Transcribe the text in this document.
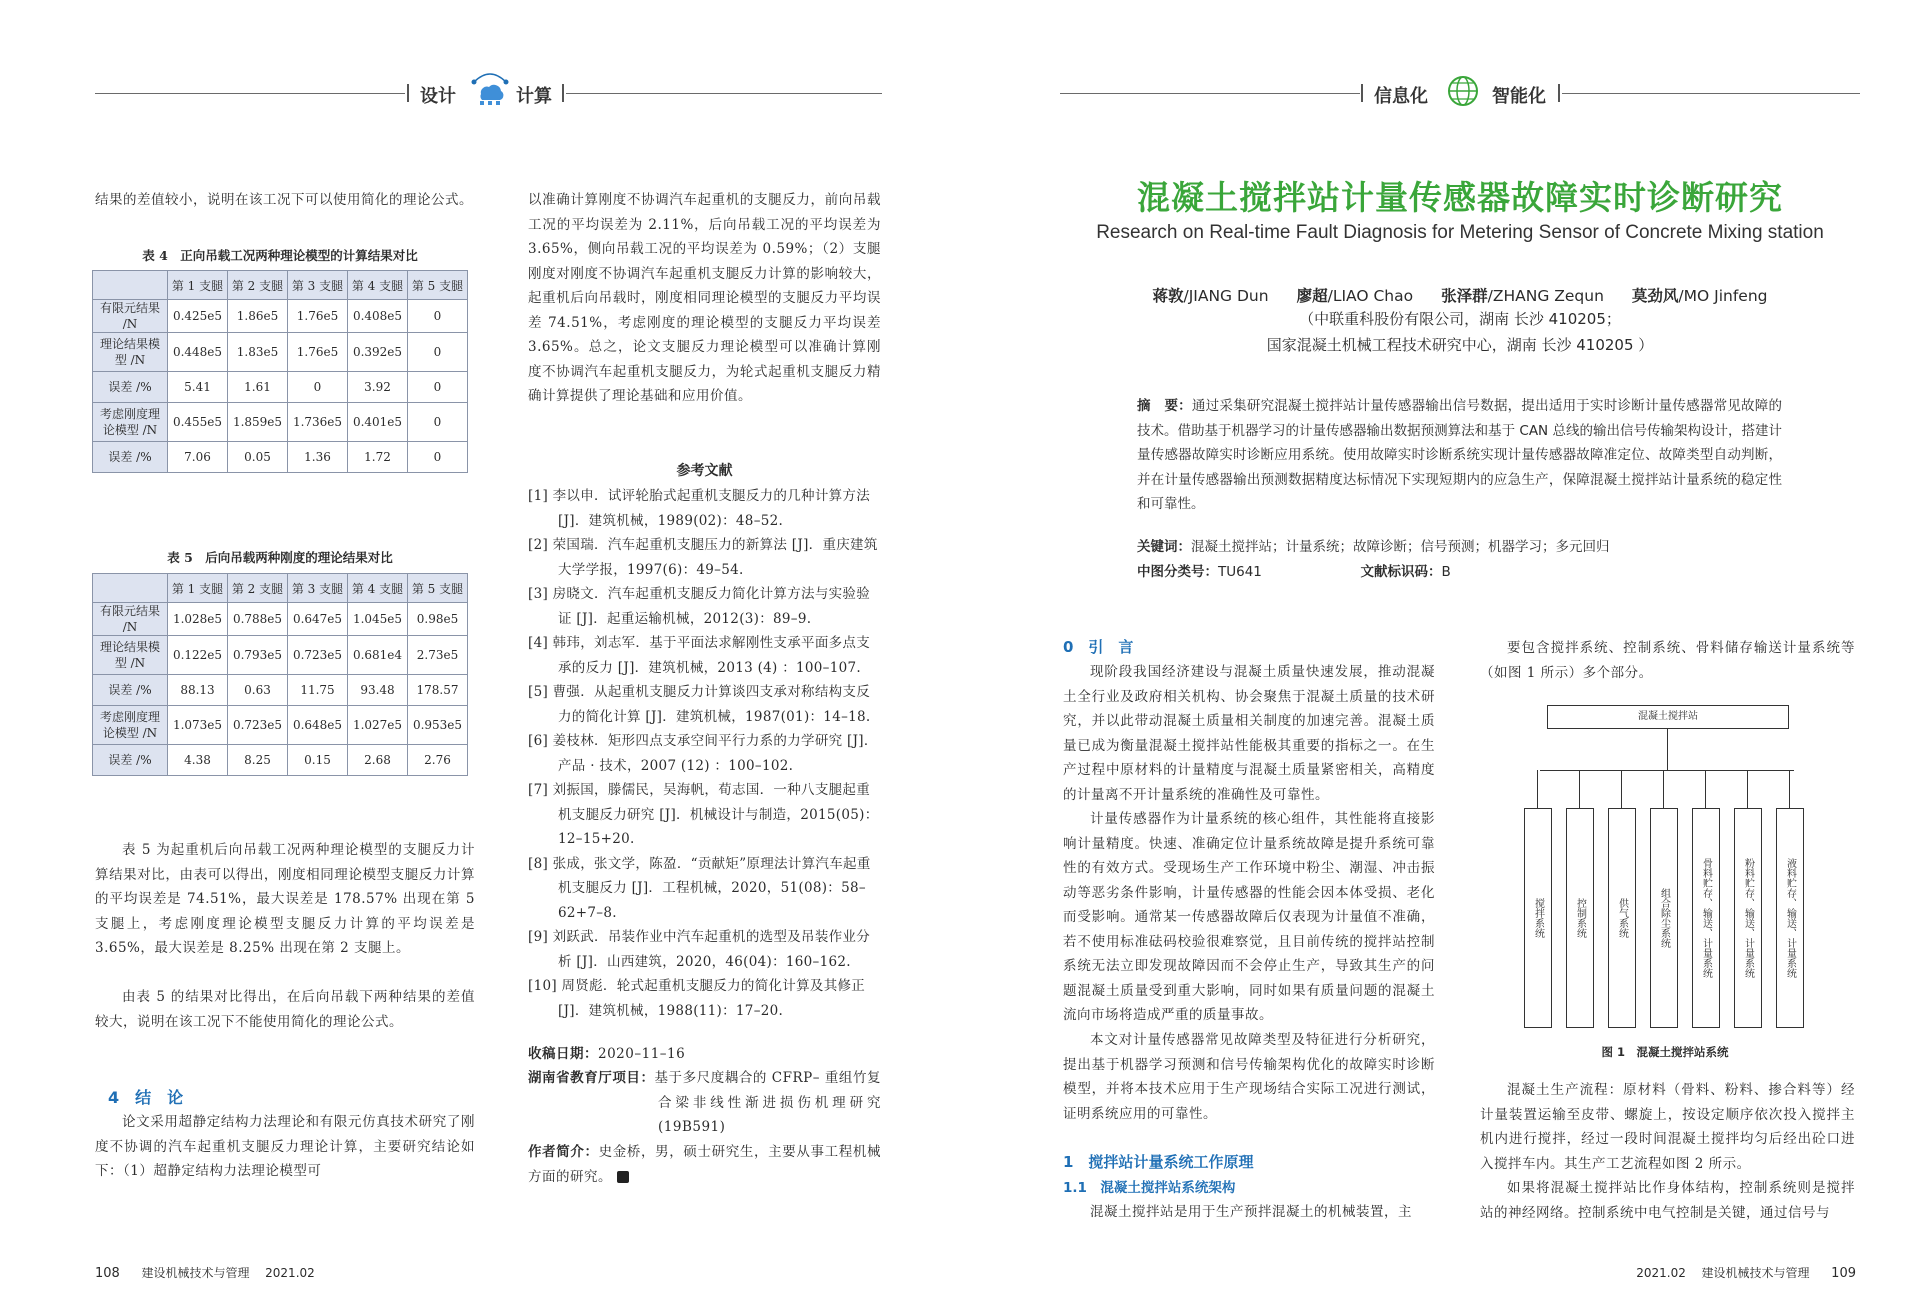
设计	计算	信息化	智能化
结果的差值较小，说明在该工况下可以使用简化的理论公式。
表 4　正向吊载工况两种理论模型的计算结果对比
	第 1 支腿	第 2 支腿	第 3 支腿	第 4 支腿	第 5 支腿
有限元结果 /N	0.425e5	1.86e5	1.76e5	0.408e5	0
理论结果模型 /N	0.448e5	1.83e5	1.76e5	0.392e5	0
误差 /%	5.41	1.61	0	3.92	0
考虑刚度理论模型 /N	0.455e5	1.859e5	1.736e5	0.401e5	0
误差 /%	7.06	0.05	1.36	1.72	0
表 5　后向吊载两种刚度的理论结果对比
	第 1 支腿	第 2 支腿	第 3 支腿	第 4 支腿	第 5 支腿
有限元结果 /N	1.028e5	0.788e5	0.647e5	1.045e5	0.98e5
理论结果模型 /N	0.122e5	0.793e5	0.723e5	0.681e4	2.73e5
误差 /%	88.13	0.63	11.75	93.48	178.57
考虑刚度理论模型 /N	1.073e5	0.723e5	0.648e5	1.027e5	0.953e5
误差 /%	4.38	8.25	0.15	2.68	2.76
表 5 为起重机后向吊载工况两种理论模型的支腿反力计算结果对比，由表可以得出，刚度相同理论模型支腿反力计算的平均误差是 74.51%，最大误差是 178.57% 出现在第 5 支腿上，考虑刚度理论模型支腿反力计算的平均误差是 3.65%，最大误差是 8.25% 出现在第 2 支腿上。
由表 5 的结果对比得出，在后向吊载下两种结果的差值较大，说明在该工况下不能使用简化的理论公式。
4　结　论
论文采用超静定结构力法理论和有限元仿真技术研究了刚度不协调的汽车起重机支腿反力理论计算，主要研究结论如下：（1）超静定结构力法理论模型可
以准确计算刚度不协调汽车起重机的支腿反力，前向吊载工况的平均误差为 2.11%，后向吊载工况的平均误差为 3.65%，侧向吊载工况的平均误差为 0.59%；（2）支腿刚度对刚度不协调汽车起重机支腿反力计算的影响较大，起重机后向吊载时，刚度相同理论模型的支腿反力平均误差 74.51%，考虑刚度的理论模型的支腿反力平均误差 3.65%。总之，论文支腿反力理论模型可以准确计算刚度不协调汽车起重机支腿反力，为轮式起重机支腿反力精确计算提供了理论基础和应用价值。
参考文献
[1] 李以申．试评轮胎式起重机支腿反力的几种计算方法 [J]．建筑机械，1989(02)：48–52.
[2] 荣国瑞．汽车起重机支腿压力的新算法 [J]．重庆建筑大学学报，1997(6)：49–54.
[3] 房晓文．汽车起重机支腿反力简化计算方法与实验验证 [J]．起重运输机械，2012(3)：89–9.
[4] 韩玮，刘志军．基于平面法求解刚性支承平面多点支承的反力 [J]．建筑机械，2013 (4) ：100–107.
[5] 曹强．从起重机支腿反力计算谈四支承对称结构支反力的简化计算 [J]．建筑机械，1987(01)：14–18.
[6] 姜枝林．矩形四点支承空间平行力系的力学研究 [J]．产品 · 技术，2007 (12) ：100–102.
[7] 刘振国，滕儒民，吴海帆，荀志国．一种八支腿起重机支腿反力研究 [J]．机械设计与制造，2015(05)：12–15+20.
[8] 张成，张文学，陈盈．“贡献矩”原理法计算汽车起重机支腿反力 [J]．工程机械，2020，51(08)：58–62+7–8.
[9] 刘跃武．吊装作业中汽车起重机的选型及吊装作业分析 [J]．山西建筑，2020，46(04)：160–162.
[10] 周贤彪．轮式起重机支腿反力的简化计算及其修正 [J]．建筑机械，1988(11)：17–20.
收稿日期：2020–11–16
湖南省教育厅项目：基于多尺度耦合的 CFRP– 重组竹复合梁非线性渐进损伤机理研究 (19B591)
作者简介：史金桥，男，硕士研究生，主要从事工程机械方面的研究。
混凝土搅拌站计量传感器故障实时诊断研究
Research on Real-time Fault Diagnosis for Metering Sensor of Concrete Mixing station
蒋敦/JIANG Dun 廖超/LIAO Chao 张泽群/ZHANG Zequn 莫劲风/MO Jinfeng
（中联重科股份有限公司，湖南 长沙 410205；
国家混凝土机械工程技术研究中心，湖南 长沙 410205 ）
摘　要：通过采集研究混凝土搅拌站计量传感器输出信号数据，提出适用于实时诊断计量传感器常见故障的技术。借助基于机器学习的计量传感器输出数据预测算法和基于 CAN 总线的输出信号传输架构设计，搭建计量传感器故障实时诊断应用系统。使用故障实时诊断系统实现计量传感器故障准定位、故障类型自动判断，并在计量传感器输出预测数据精度达标情况下实现短期内的应急生产，保障混凝土搅拌站计量系统的稳定性和可靠性。
关键词：混凝土搅拌站；计量系统；故障诊断；信号预测；机器学习；多元回归
中图分类号：TU641	文献标识码：B
0　引　言
现阶段我国经济建设与混凝土质量快速发展，推动混凝土全行业及政府相关机构、协会聚焦于混凝土质量的技术研究，并以此带动混凝土质量相关制度的加速完善。混凝土质量已成为衡量混凝土搅拌站性能极其重要的指标之一。在生产过程中原材料的计量精度与混凝土质量紧密相关，高精度的计量离不开计量系统的准确性及可靠性。
计量传感器作为计量系统的核心组件，其性能将直接影响计量精度。快速、准确定位计量系统故障是提升系统可靠性的有效方式。受现场生产工作环境中粉尘、潮湿、冲击振动等恶劣条件影响，计量传感器的性能会因本体受损、老化而受影响。通常某一传感器故障后仅表现为计量值不准确，若不使用标准砝码校验很难察觉，且目前传统的搅拌站控制系统无法立即发现故障因而不会停止生产，导致其生产的问题混凝土质量受到重大影响，同时如果有质量问题的混凝土流向市场将造成严重的质量事故。
本文对计量传感器常见故障类型及特征进行分析研究，提出基于机器学习预测和信号传输架构优化的故障实时诊断模型，并将本技术应用于生产现场结合实际工况进行测试，证明系统应用的可靠性。
1　搅拌站计量系统工作原理
1.1　混凝土搅拌站系统架构
混凝土搅拌站是用于生产预拌混凝土的机械装置，主
要包含搅拌系统、控制系统、骨料储存输送计量系统等（如图 1 所示）多个部分。
混凝土搅拌站
搅拌系统	控制系统	供气系统	组合除尘系统	骨料贮存、输送、计量系统	粉料贮存、输送、计量系统	液料贮存、输送、计量系统
图 1　混凝土搅拌站系统
混凝土生产流程：原材料（骨料、粉料、掺合料等）经计量装置运输至皮带、螺旋上，按设定顺序依次投入搅拌主机内进行搅拌，经过一段时间混凝土搅拌均匀后经出砼口进入搅拌车内。其生产工艺流程如图 2 所示。
如果将混凝土搅拌站比作身体结构，控制系统则是搅拌站的神经网络。控制系统中电气控制是关键，通过信号与
108 建设机械技术与管理 2021.02	2021.02 建设机械技术与管理 109
